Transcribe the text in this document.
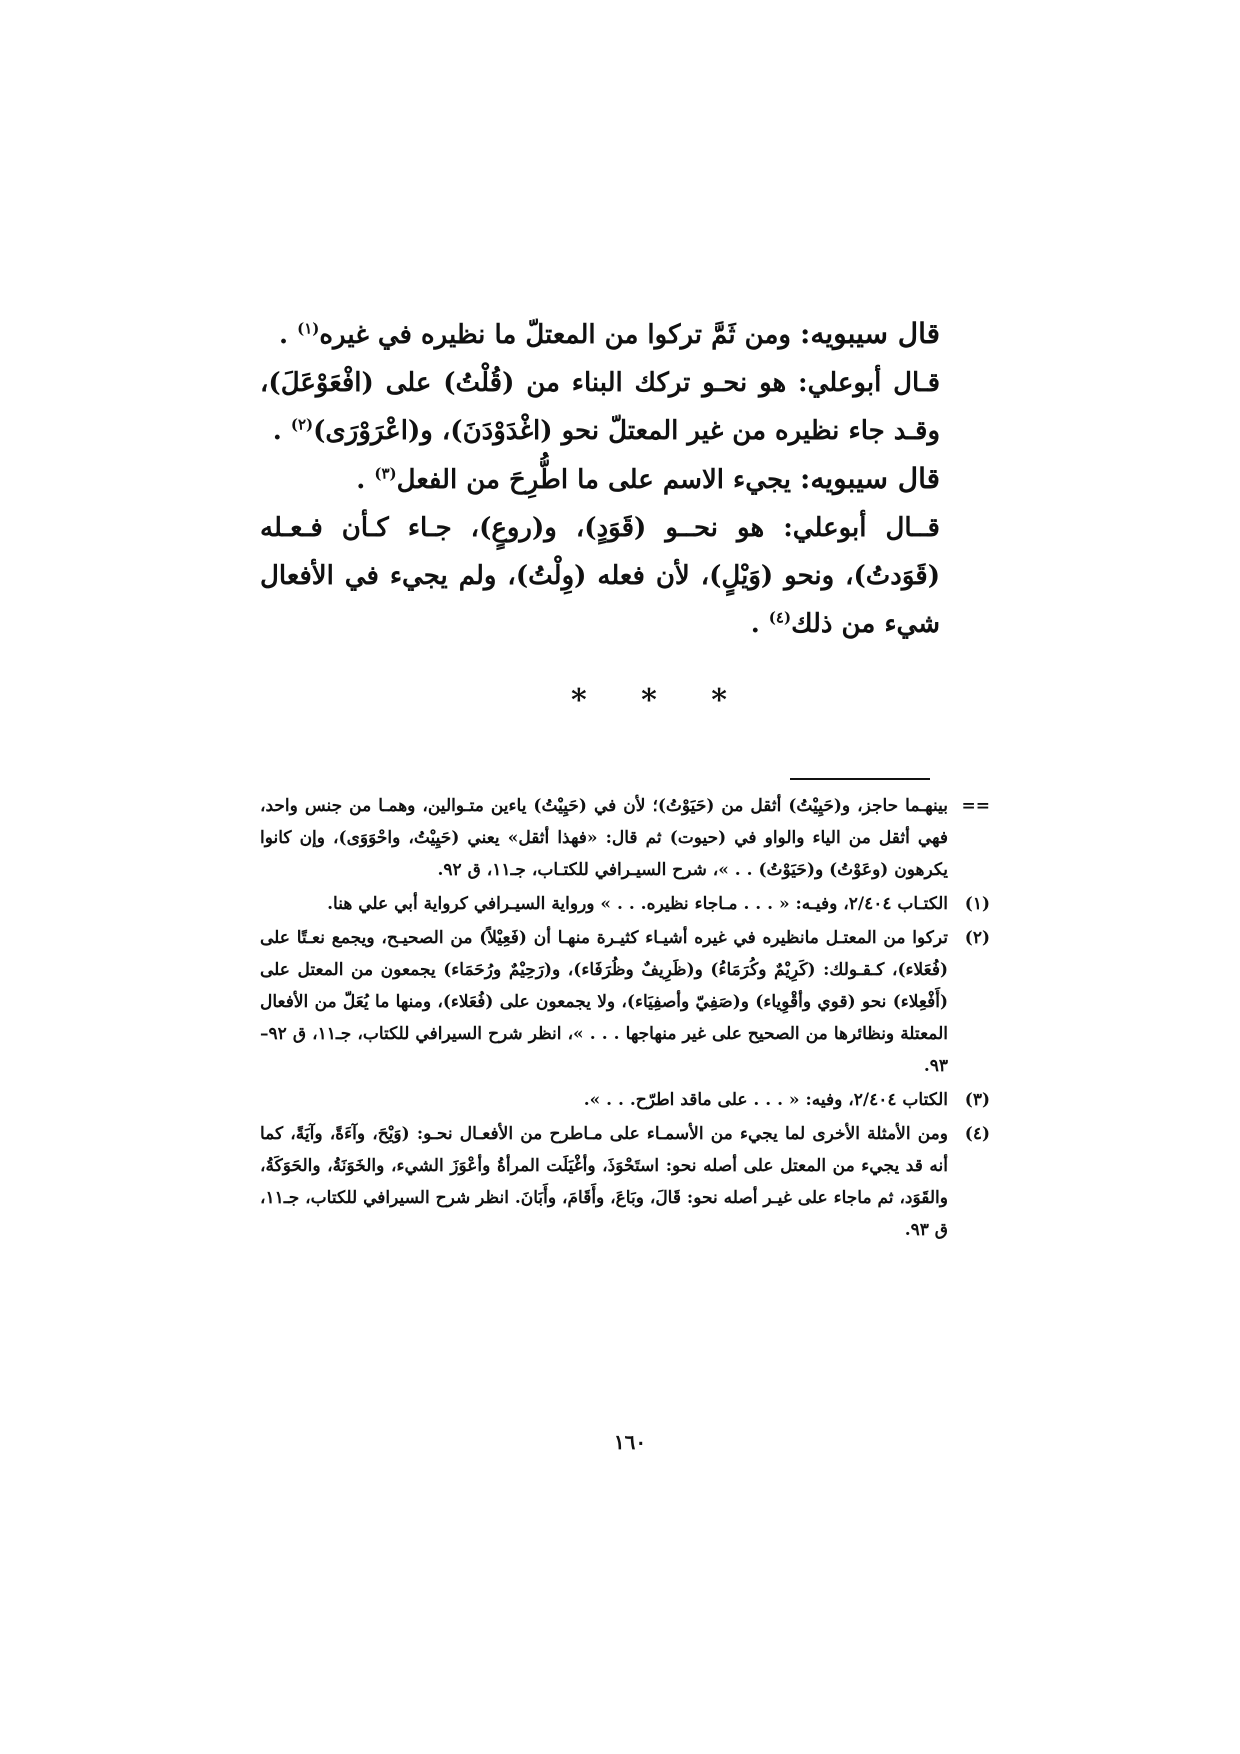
قال سيبويه: ومن ثَمَّ تركوا من المعتلّ ما نظيره في غيره$^{(١)}$ .

قـال أبوعلي: هو نحـو تركك البناء من (قُلْتُ) على (افْعَوْعَلَ)، وقـد جاء نظيره من غير المعتلّ نحو (اغْدَوْدَنَ)، و(اعْرَوْرَى)$^{(٢)}$ .

قال سيبويه: يجيء الاسم على ما اطُّرِحَ من الفعل$^{(٣)}$ .

قــال أبوعلي: هو نحــو (قَوَدٍ)، و(روعٍ)، جـاء كـأن فـعـله (قَوَدتُ)، ونحو (وَيْلٍ)، لأن فعله (وِلْتُ)، ولم يجيء في الأفعال شيء من ذلك$^{(٤)}$ .

* * *
==
بينهـما حاجز، و(حَيِيْتُ) أثقل من (حَيَوْتُ)؛ لأن في (حَيِيْتُ) ياءين متـوالين، وهمـا من جنس واحد، فهي أثقل من الياء والواو في (حيوت) ثم قال: «فهذا أثقل» يعني (حَيِيْتُ، واحْوَوَى)، وإن كانوا يكرهون (وعَوْتُ) و(حَيَوْتُ) . . »، شرح السيـرافي للكتـاب، جـ١١، ق ٩٢.
(١)
الكتـاب ٢/٤٠٤، وفيـه: « . . . مـاجاء نظيره. . . » ورواية السيـرافي كرواية أبي علي هنا.
(٢)
تركوا من المعتـل مانظيره في غيره أشيـاء كثيـرة منهـا أن (فَعِيْلاً) من الصحيـح، ويجمع نعـتًا على (فُعَلاء)، كـقـولك: (كَرِيْمٌ وكُرَمَاءُ) و(ظَرِيفٌ وظُرَفَاء)، و(رَحِيْمٌ ورُحَمَاء) يجمعون من المعتل على (أَفْعِلاء) نحو (قوي وأقْوِياء) و(صَفِيّ وأصفِيَاء)، ولا يجمعون على (فُعَلاء)، ومنها ما يُعَلّ من الأفعال المعتلة ونظائرها من الصحيح على غير منهاجها . . . »، انظر شرح السيرافي للكتاب، جـ١١، ق ٩٢– ٩٣.
(٣)
الكتاب ٢/٤٠٤، وفيه: « . . . على ماقد اطرّح. . . ».
(٤)
ومن الأمثلة الأخرى لما يجيء من الأسمـاء على مـاطرح من الأفعـال نحـو: (وَيْحَ، وآءَةً، وآيَةً، كما أنه قد يجيء من المعتل على أصله نحو: استَحْوَذَ، وأغْيَلَت المرأةُ وأعْوَزَ الشيء، والخَوَنَةُ، والحَوَكَةُ، والقَوَد، ثم ماجاء على غيـر أصله نحو: قَالَ، وبَاعَ، وأَقَامَ، وأَبَانَ. انظر شرح السيرافي للكتاب، جـ١١، ق ٩٣.
١٦٠
